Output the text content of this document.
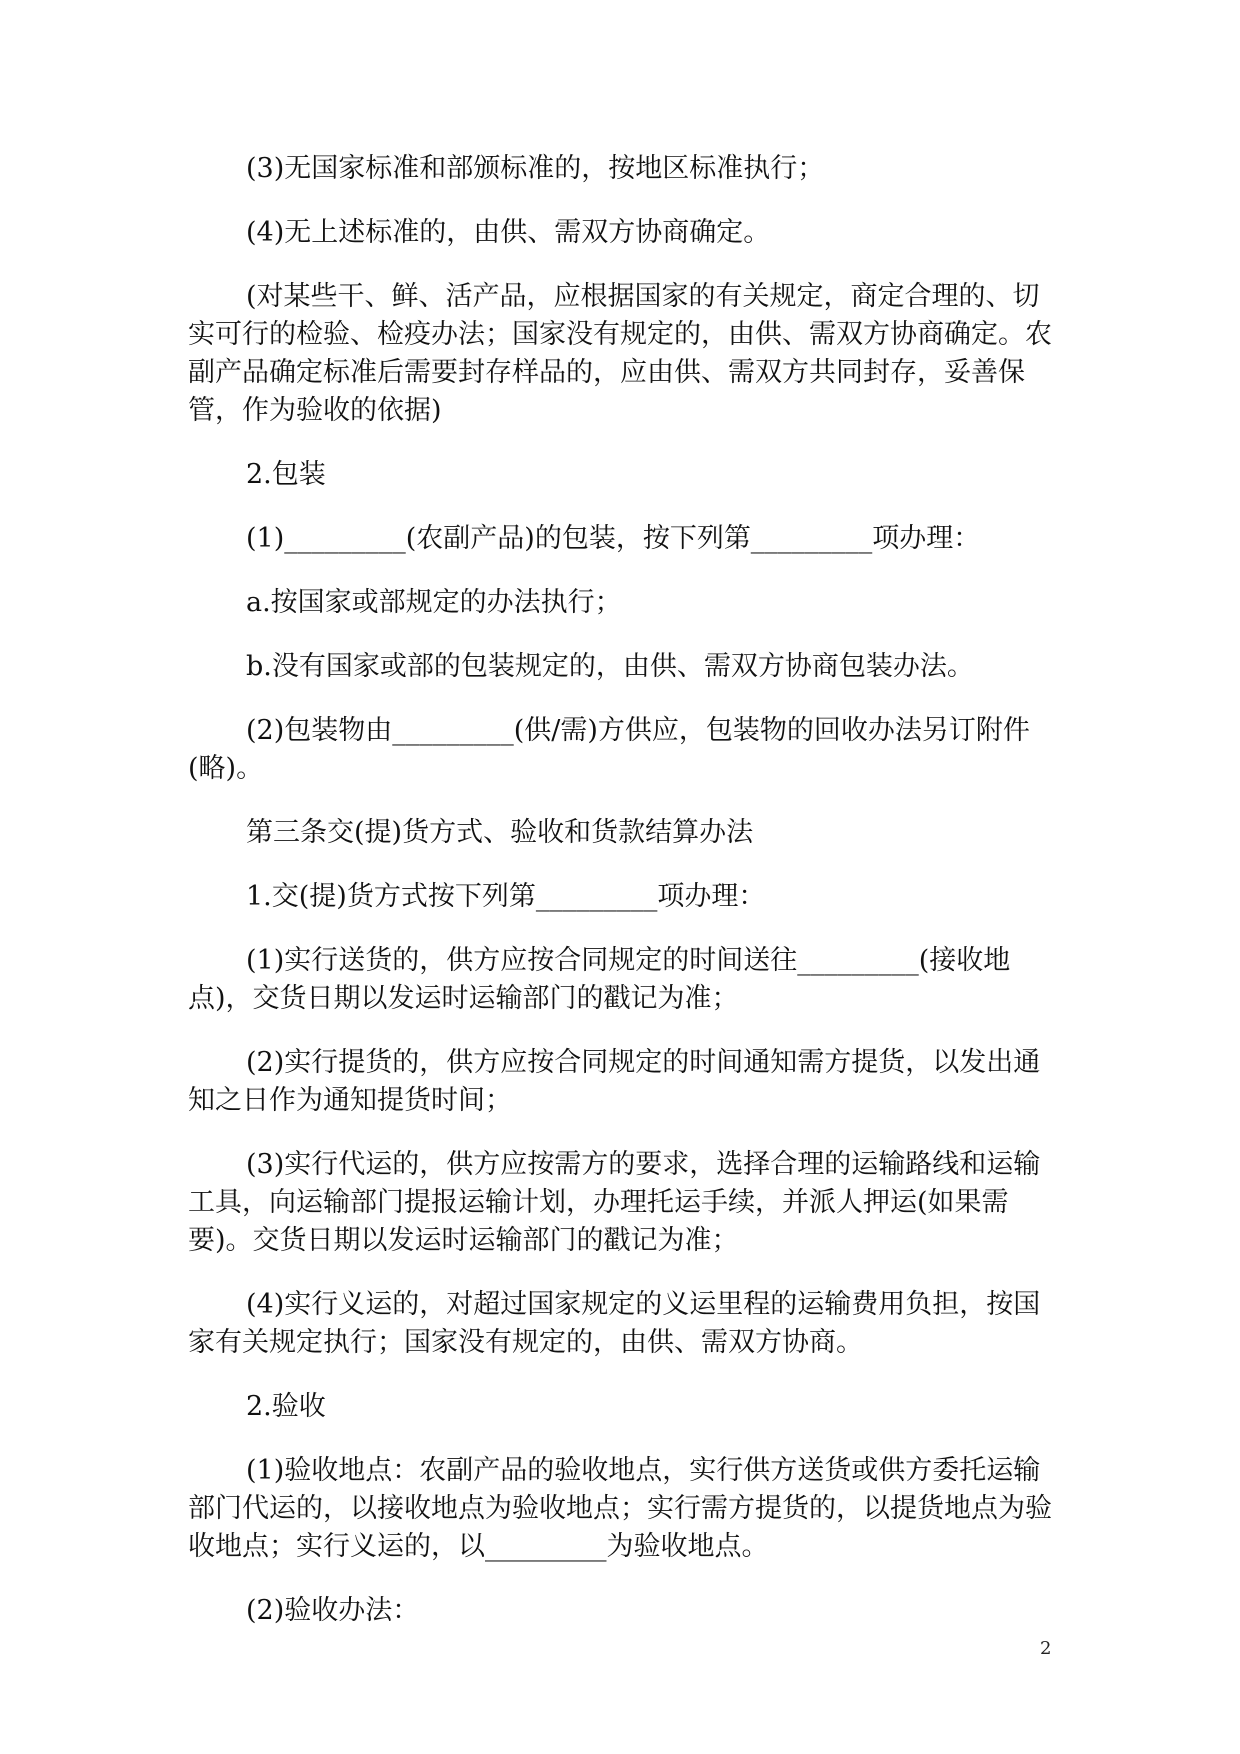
(3)无国家标准和部颁标准的，按地区标准执行；

(4)无上述标准的，由供、需双方协商确定。

(对某些干、鲜、活产品，应根据国家的有关规定，商定合理的、切实可行的检验、检疫办法；国家没有规定的，由供、需双方协商确定。农副产品确定标准后需要封存样品的，应由供、需双方共同封存，妥善保管，作为验收的依据)

2.包装

(1)_________(农副产品)的包装，按下列第_________项办理：

a.按国家或部规定的办法执行；

b.没有国家或部的包装规定的，由供、需双方协商包装办法。

(2)包装物由_________(供/需)方供应，包装物的回收办法另订附件(略)。

第三条交(提)货方式、验收和货款结算办法

1.交(提)货方式按下列第_________项办理：

(1)实行送货的，供方应按合同规定的时间送往_________(接收地点)，交货日期以发运时运输部门的戳记为准；

(2)实行提货的，供方应按合同规定的时间通知需方提货，以发出通知之日作为通知提货时间；

(3)实行代运的，供方应按需方的要求，选择合理的运输路线和运输工具，向运输部门提报运输计划，办理托运手续，并派人押运(如果需要)。交货日期以发运时运输部门的戳记为准；

(4)实行义运的，对超过国家规定的义运里程的运输费用负担，按国家有关规定执行；国家没有规定的，由供、需双方协商。

2.验收

(1)验收地点：农副产品的验收地点，实行供方送货或供方委托运输部门代运的，以接收地点为验收地点；实行需方提货的，以提货地点为验收地点；实行义运的，以_________为验收地点。

(2)验收办法：

2
